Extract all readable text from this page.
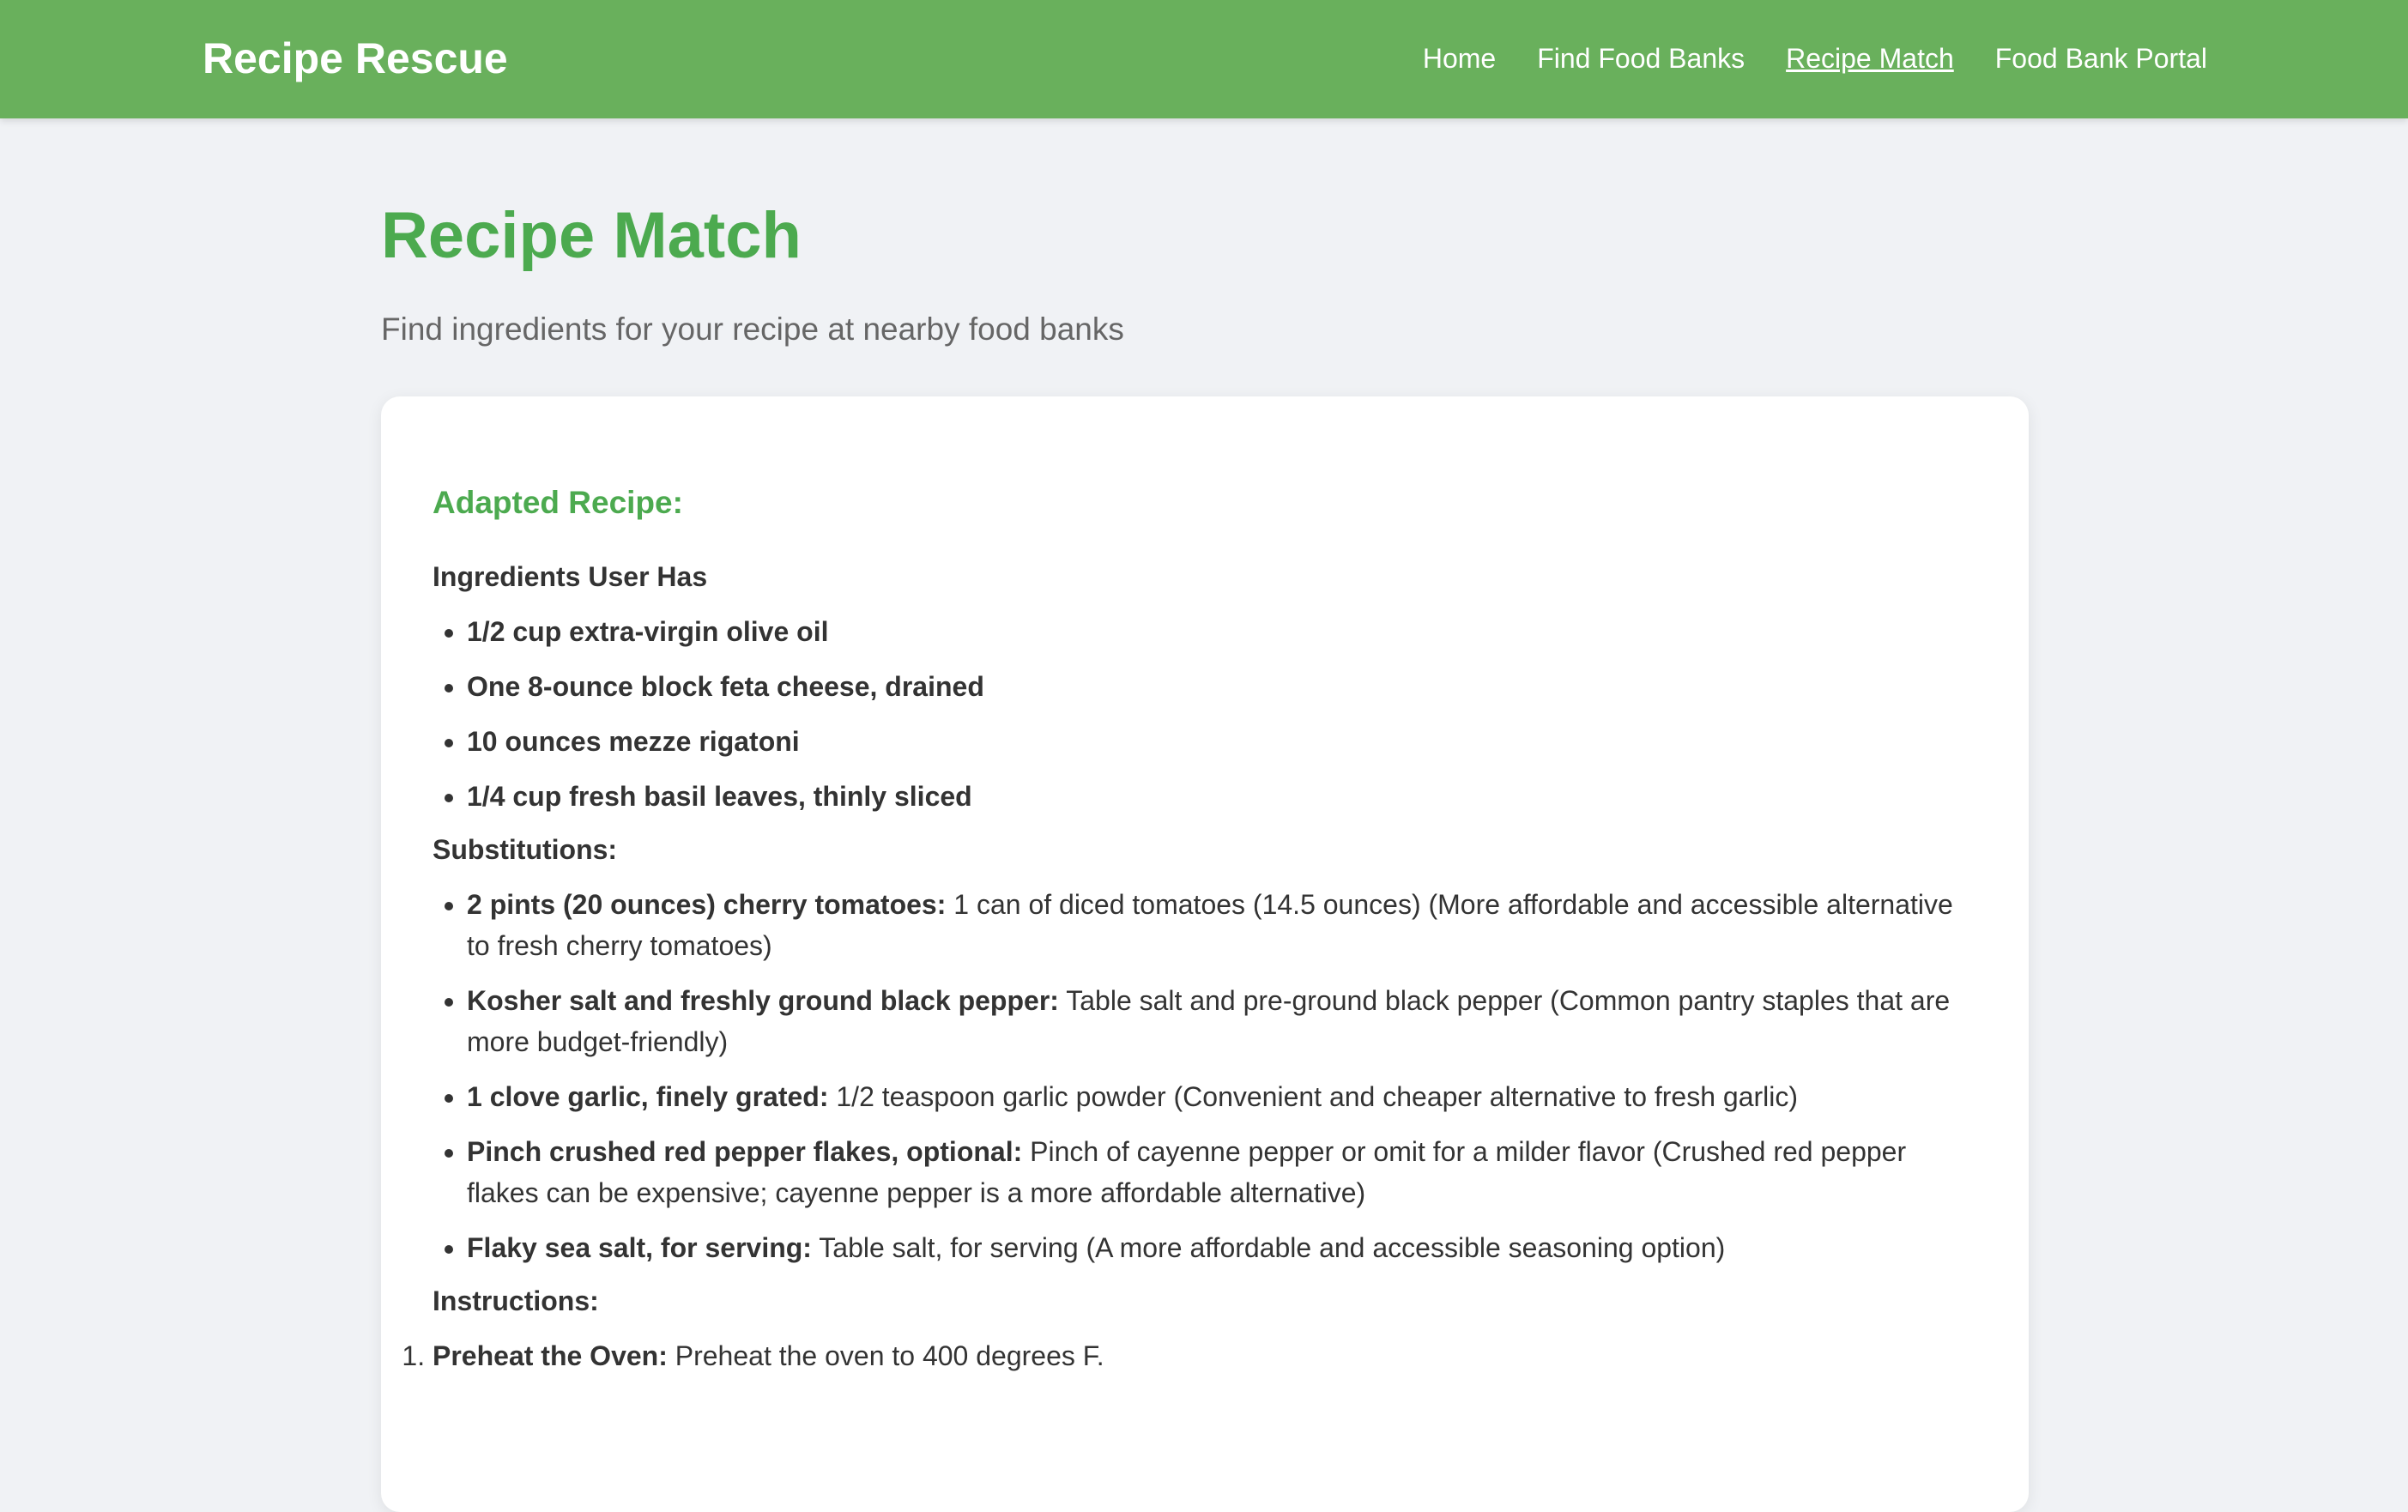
Recipe Rescue	Home Find Food Banks Recipe Match Food Bank Portal
Recipe Match

Find ingredients for your recipe at nearby food banks

Adapted Recipe:

Ingredients User Has

• 1/2 cup extra-virgin olive oil
• One 8-ounce block feta cheese, drained
• 10 ounces mezze rigatoni
• 1/4 cup fresh basil leaves, thinly sliced

Substitutions:

• 2 pints (20 ounces) cherry tomatoes: 1 can of diced tomatoes (14.5 ounces) (More affordable and accessible alternative to fresh cherry tomatoes)
• Kosher salt and freshly ground black pepper: Table salt and pre-ground black pepper (Common pantry staples that are more budget-friendly)
• 1 clove garlic, finely grated: 1/2 teaspoon garlic powder (Convenient and cheaper alternative to fresh garlic)
• Pinch crushed red pepper flakes, optional: Pinch of cayenne pepper or omit for a milder flavor (Crushed red pepper flakes can be expensive; cayenne pepper is a more affordable alternative)
• Flaky sea salt, for serving: Table salt, for serving (A more affordable and accessible seasoning option)

Instructions:

1. Preheat the Oven: Preheat the oven to 400 degrees F.
